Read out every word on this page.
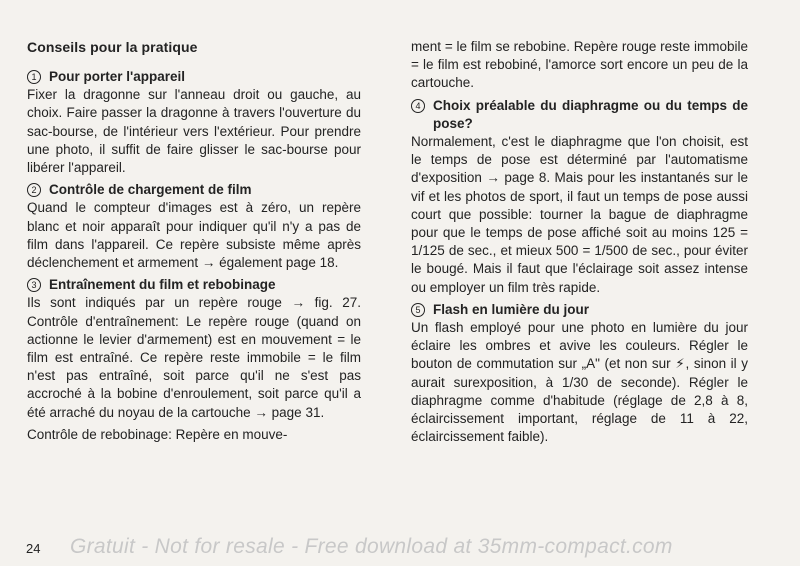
Conseils pour la pratique
1 Pour porter l'appareil

Fixer la dragonne sur l'anneau droit ou gauche, au choix. Faire passer la dragonne à travers l'ouverture du sac-bourse, de l'intérieur vers l'extérieur. Pour prendre une photo, il suffit de faire glisser le sac-bourse pour libérer l'appareil.

2 Contrôle de chargement de film

Quand le compteur d'images est à zéro, un repère blanc et noir apparaît pour indiquer qu'il n'y a pas de film dans l'appareil. Ce repère subsiste même après déclenchement et armement → également page 18.

3 Entraînement du film et rebobinage

Ils sont indiqués par un repère rouge → fig. 27. Contrôle d'entraînement: Le repère rouge (quand on actionne le levier d'armement) est en mouvement = le film est entraîné. Ce repère reste immobile = le film n'est pas entraîné, soit parce qu'il ne s'est pas accroché à la bobine d'enroulement, soit parce qu'il a été arraché du noyau de la cartouche → page 31.

Contrôle de rebobinage: Repère en mouve-

ment = le film se rebobine. Repère rouge reste immobile = le film est rebobiné, l'amorce sort encore un peu de la cartouche.

4 Choix préalable du diaphragme ou du temps de pose?

Normalement, c'est le diaphragme que l'on choisit, est le temps de pose est déterminé par l'automatisme d'exposition → page 8. Mais pour les instantanés sur le vif et les photos de sport, il faut un temps de pose aussi court que possible: tourner la bague de diaphragme pour que le temps de pose affiché soit au moins 125 = 1/125 de sec., et mieux 500 = 1/500 de sec., pour éviter le bougé. Mais il faut que l'éclairage soit assez intense ou employer un film très rapide.

5 Flash en lumière du jour

Un flash employé pour une photo en lumière du jour éclaire les ombres et avive les couleurs. Régler le bouton de commutation sur „A" (et non sur ⚡, sinon il y aurait surexposition, à 1/30 de seconde). Régler le diaphragme comme d'habitude (réglage de 2,8 à 8, éclaircissement important, réglage de 11 à 22, éclaircissement faible).

24 Gratuit - Not for resale - Free download at 35mm-compact.com
